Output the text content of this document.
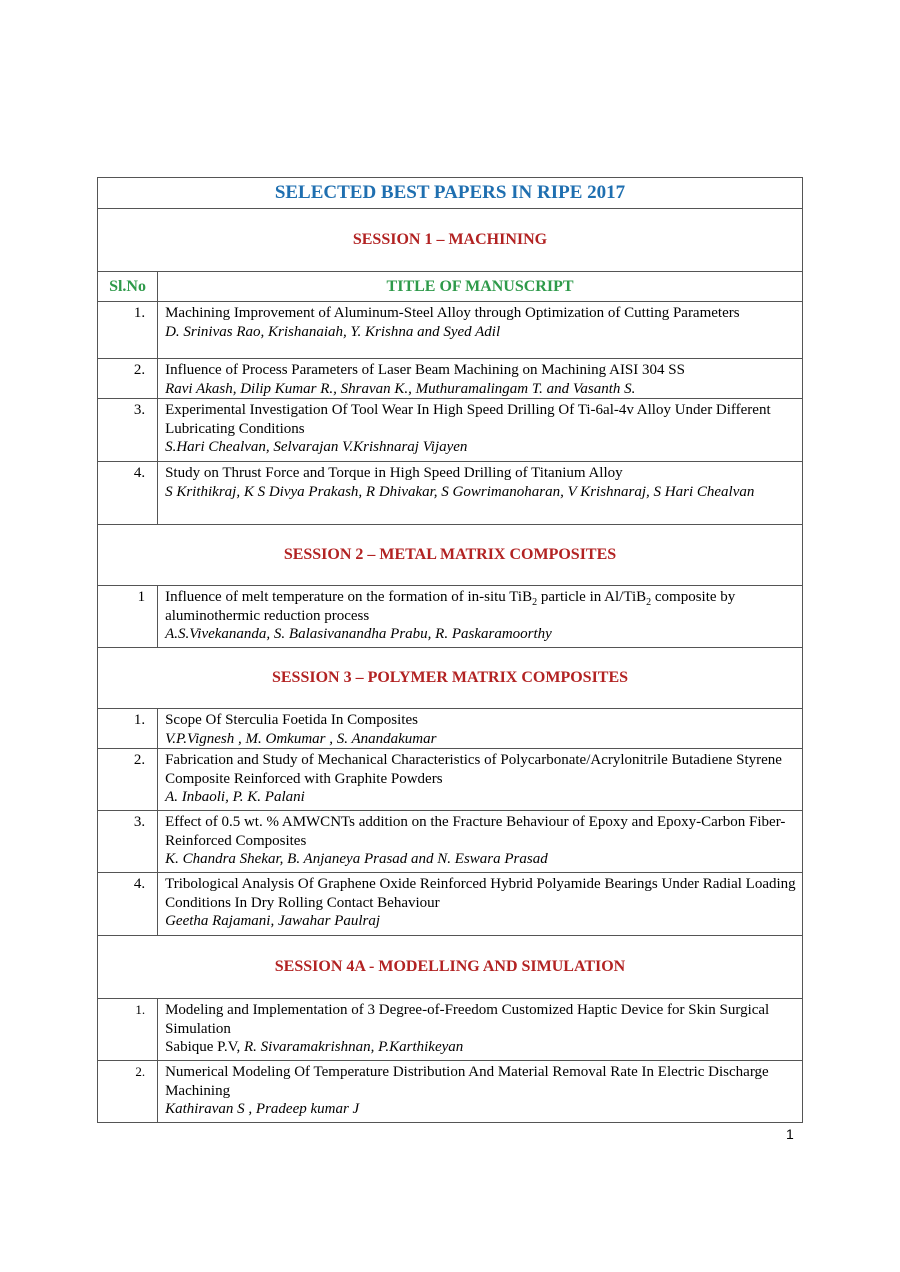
SELECTED BEST PAPERS IN RIPE 2017	
SESSION 1 – MACHINING	
Sl.No	TITLE OF MANUSCRIPT
1.	Machining Improvement of Aluminum-Steel Alloy through Optimization of Cutting Parameters
D. Srinivas Rao, Krishanaiah, Y. Krishna and Syed Adil

2.	Influence of Process Parameters of Laser Beam Machining on Machining AISI 304 SS
Ravi Akash, Dilip Kumar R., Shravan K., Muthuramalingam T. and Vasanth S.

3.	Experimental Investigation Of Tool Wear In High Speed Drilling Of Ti-6al-4v Alloy Under Different Lubricating Conditions
S.Hari Chealvan, Selvarajan V.Krishnaraj Vijayen

4.	Study on Thrust Force and Torque in High Speed Drilling of Titanium Alloy
S Krithikraj, K S Divya Prakash, R Dhivakar, S Gowrimanoharan, V Krishnaraj, S Hari Chealvan

SESSION 2 – METAL MATRIX COMPOSITES	
1	Influence of melt temperature on the formation of in-situ TiB$_2$ particle in Al/TiB$_2$ composite by aluminothermic reduction process
A.S.Vivekananda, S. Balasivanandha Prabu, R. Paskaramoorthy

SESSION 3 – POLYMER MATRIX COMPOSITES	
1.	Scope Of Sterculia Foetida In Composites
V.P.Vignesh , M. Omkumar , S. Anandakumar

2.	Fabrication and Study of Mechanical Characteristics of Polycarbonate/Acrylonitrile Butadiene Styrene Composite Reinforced with Graphite Powders
A. Inbaoli, P. K. Palani

3.	Effect of 0.5 wt. % AMWCNTs addition on the Fracture Behaviour of Epoxy and Epoxy-Carbon Fiber-Reinforced Composites
K. Chandra Shekar, B. Anjaneya Prasad and N. Eswara Prasad

4.	Tribological Analysis Of Graphene Oxide Reinforced Hybrid Polyamide Bearings Under Radial Loading Conditions In Dry Rolling Contact Behaviour
Geetha Rajamani, Jawahar Paulraj

SESSION 4A - MODELLING AND SIMULATION	
1.	Modeling and Implementation of 3 Degree-of-Freedom Customized Haptic Device for Skin Surgical Simulation
Sabique P.V, R. Sivaramakrishnan, P.Karthikeyan

2.	Numerical Modeling Of Temperature Distribution And Material Removal Rate In Electric Discharge Machining
Kathiravan S , Pradeep kumar J
1
